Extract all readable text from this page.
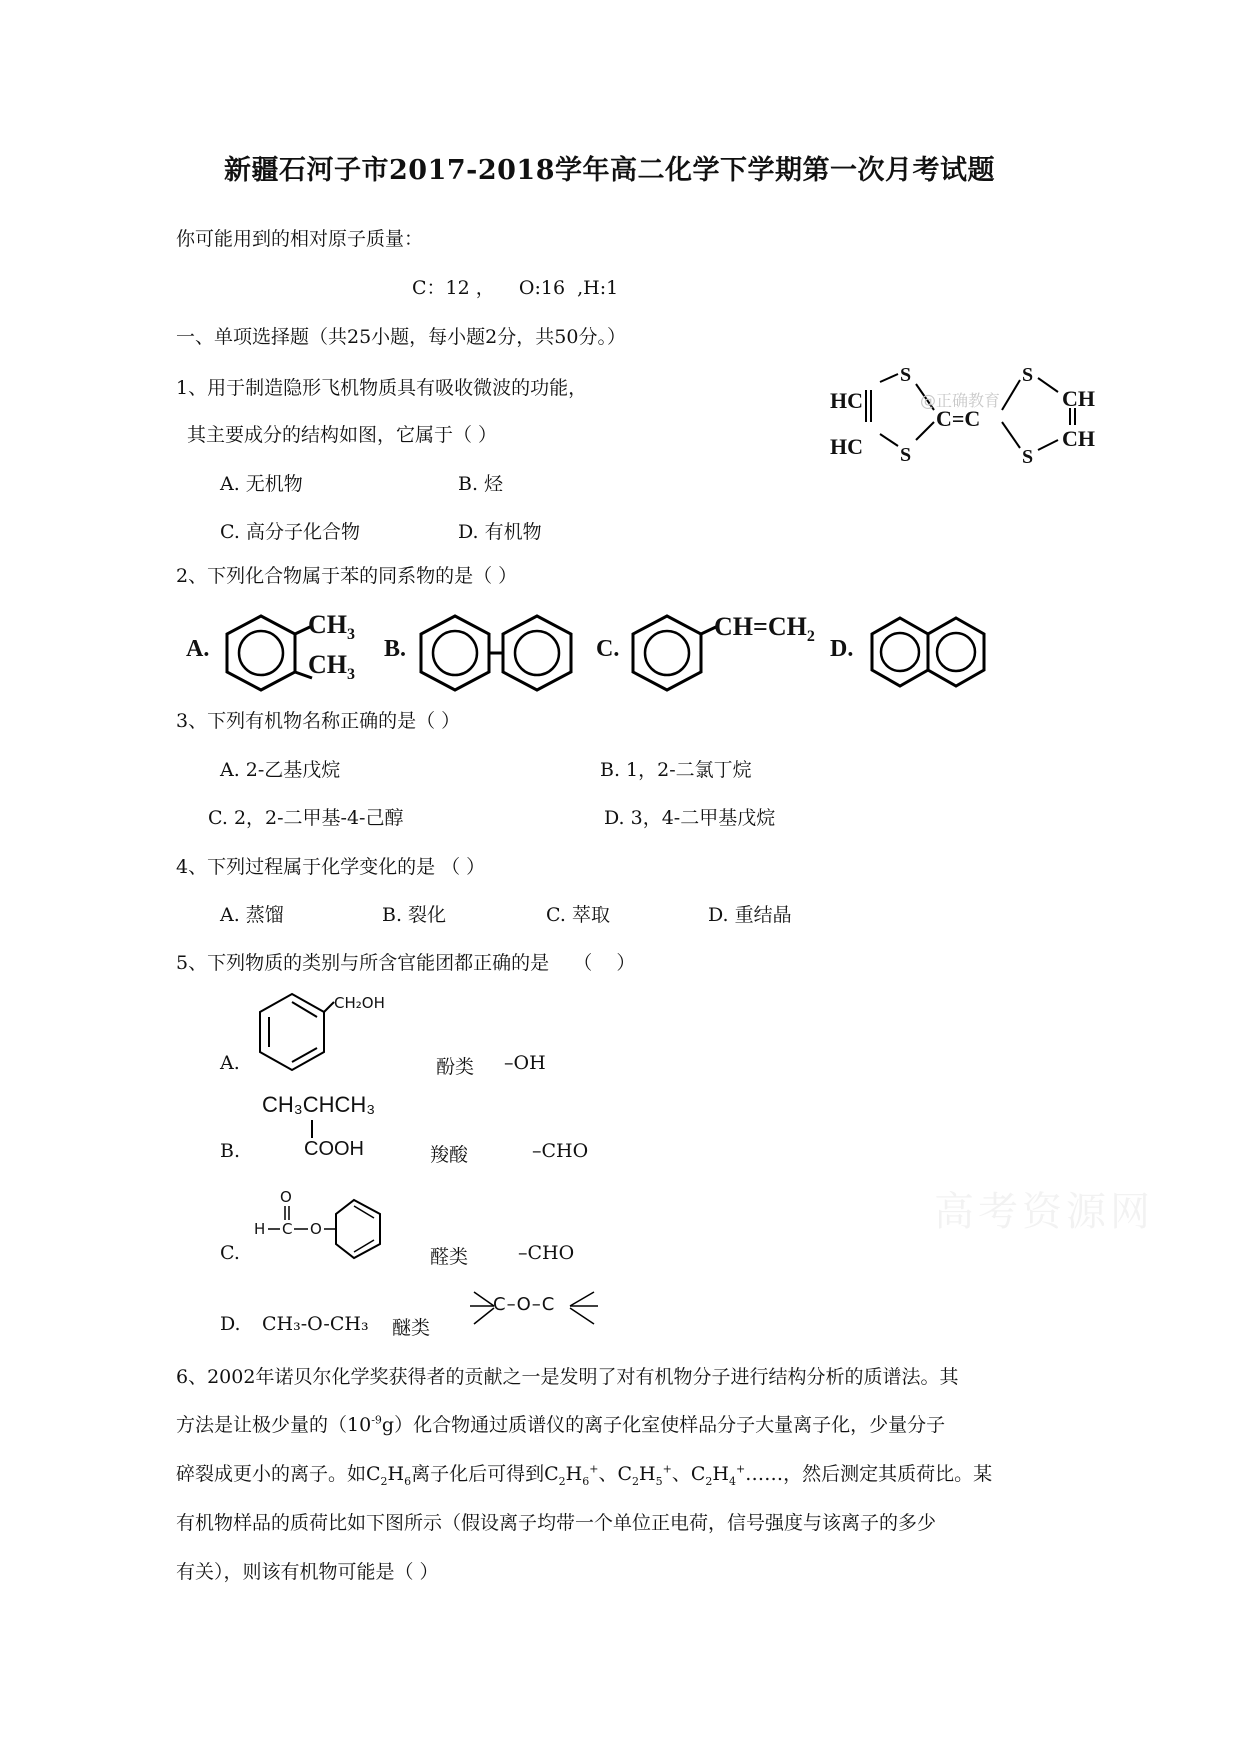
新疆石河子市2017-2018学年高二化学下学期第一次月考试题
你可能用到的相对原子质量：
C：12 ，    O:16  ,H:1
一、单项选择题（共25小题，每小题2分，共50分。）
1、用于制造隐形飞机物质具有吸收微波的功能，
其主要成分的结构如图，它属于（ ）
A. 无机物	B. 烃
C. 高分子化合物	D. 有机物
HC
HC
S
S
@正确教育
C=C
S
S
CH
CH
2、下列化合物属于苯的同系物的是（ ）
A.
$CH_3$
$CH_3$
B.	C.
$CH=CH_2$ D.
3、下列有机物名称正确的是（ ）
A. 2-乙基戊烷	B. 1，2-二氯丁烷
C. 2，2-二甲基-4-己醇	D. 3，4-二甲基戊烷
4、下列过程属于化学变化的是 （ ）
A. 蒸馏	B. 裂化	C. 萃取	D. 重结晶
5、下列物质的类别与所含官能团都正确的是    （    ）
A.
CH₂OH
酚类 –OH
B.
CH₃CHCH₃
COOH	羧酸	–CHO
C.
O
H C O
醛类	–CHO
D. CH₃-O-CH₃ 醚类
C–O–C
高考资源网
6、2002年诺贝尔化学奖获得者的贡献之一是发明了对有机物分子进行结构分析的质谱法。其
方法是让极少量的$(10^{-9}g)$化合物通过质谱仪的离子化室使样品分子大量离子化，少量分子
碎裂成更小的离子。如$C_2H_6$离子化后可得到$C_2H_6^+$、$C_2H_5^+$、$C_2H_4^+\dots\dots$，然后测定其质荷比。某
有机物样品的质荷比如下图所示（假设离子均带一个单位正电荷，信号强度与该离子的多少
有关），则该有机物可能是（ ）
